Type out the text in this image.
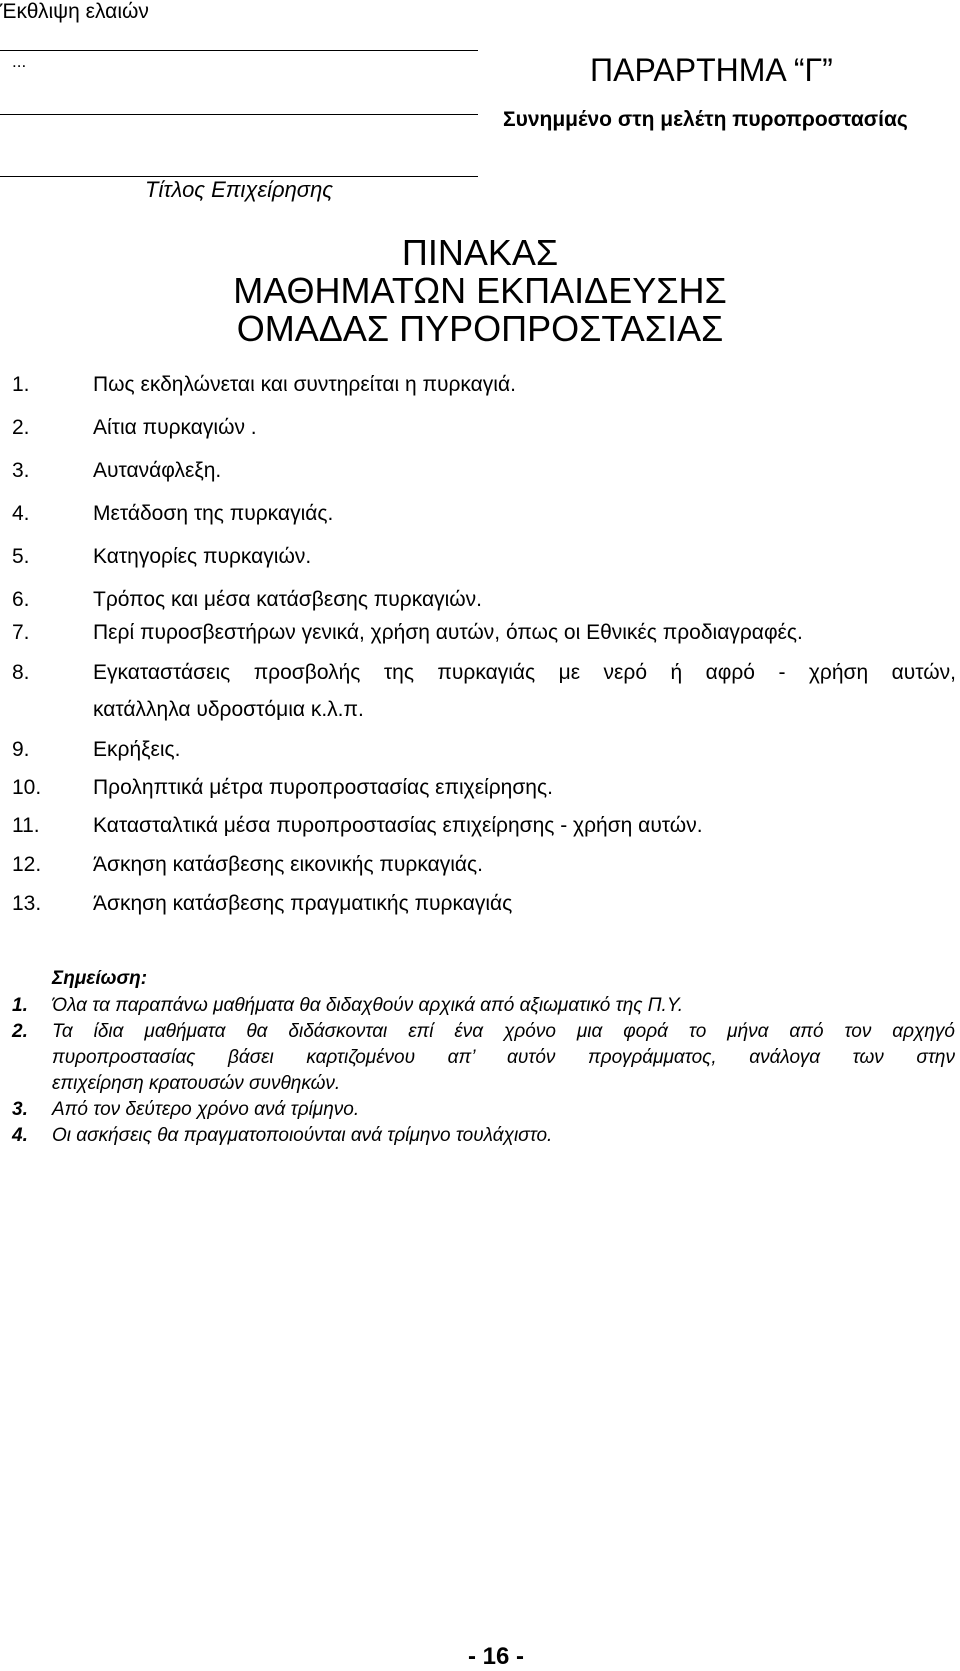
Έκθλιψη ελαιών
...	ΠΑΡΑΡΤΗΜΑ “Γ”
Συνημμένο στη μελέτη πυροπροστασίας
Τίτλος Επιχείρησης
ΠΙΝΑΚΑΣ
ΜΑΘΗΜΑΤΩΝ ΕΚΠΑΙΔΕΥΣΗΣ
ΟΜΑΔΑΣ ΠΥΡΟΠΡΟΣΤΑΣΙΑΣ
1.	Πως εκδηλώνεται και συντηρείται η πυρκαγιά.
2.	Αίτια πυρκαγιών .
3.	Αυτανάφλεξη.
4.	Μετάδοση της πυρκαγιάς.
5.	Κατηγορίες πυρκαγιών.
6.	Τρόπος και μέσα κατάσβεσης πυρκαγιών.
7.	Περί πυροσβεστήρων γενικά, χρήση αυτών, όπως οι Εθνικές προδιαγραφές.
8.	Εγκαταστάσεις προσβολής της πυρκαγιάς με νερό ή αφρό - χρήση αυτών,
κατάλληλα υδροστόμια κ.λ.π.
9.	Εκρήξεις.
10. Προληπτικά μέτρα πυροπροστασίας επιχείρησης.
11.	Κατασταλτικά μέσα πυροπροστασίας επιχείρησης - χρήση αυτών.
12. Άσκηση κατάσβεσης εικονικής πυρκαγιάς.
13. Άσκηση κατάσβεσης πραγματικής πυρκαγιάς
Σημείωση:
1. Όλα τα παραπάνω μαθήματα θα διδαχθούν αρχικά από αξιωματικό της Π.Υ.
2. Τα ίδια μαθήματα θα διδάσκονται επί ένα χρόνο μια φορά το μήνα από τον αρχηγό
πυροπροστασίας βάσει καρτιζομένου απ’ αυτόν προγράμματος, ανάλογα των στην
επιχείρηση κρατουσών συνθηκών.
3. Από τον δεύτερο χρόνο ανά τρίμηνο.
4. Οι ασκήσεις θα πραγματοποιούνται ανά τρίμηνο τουλάχιστο.
- 16 -
